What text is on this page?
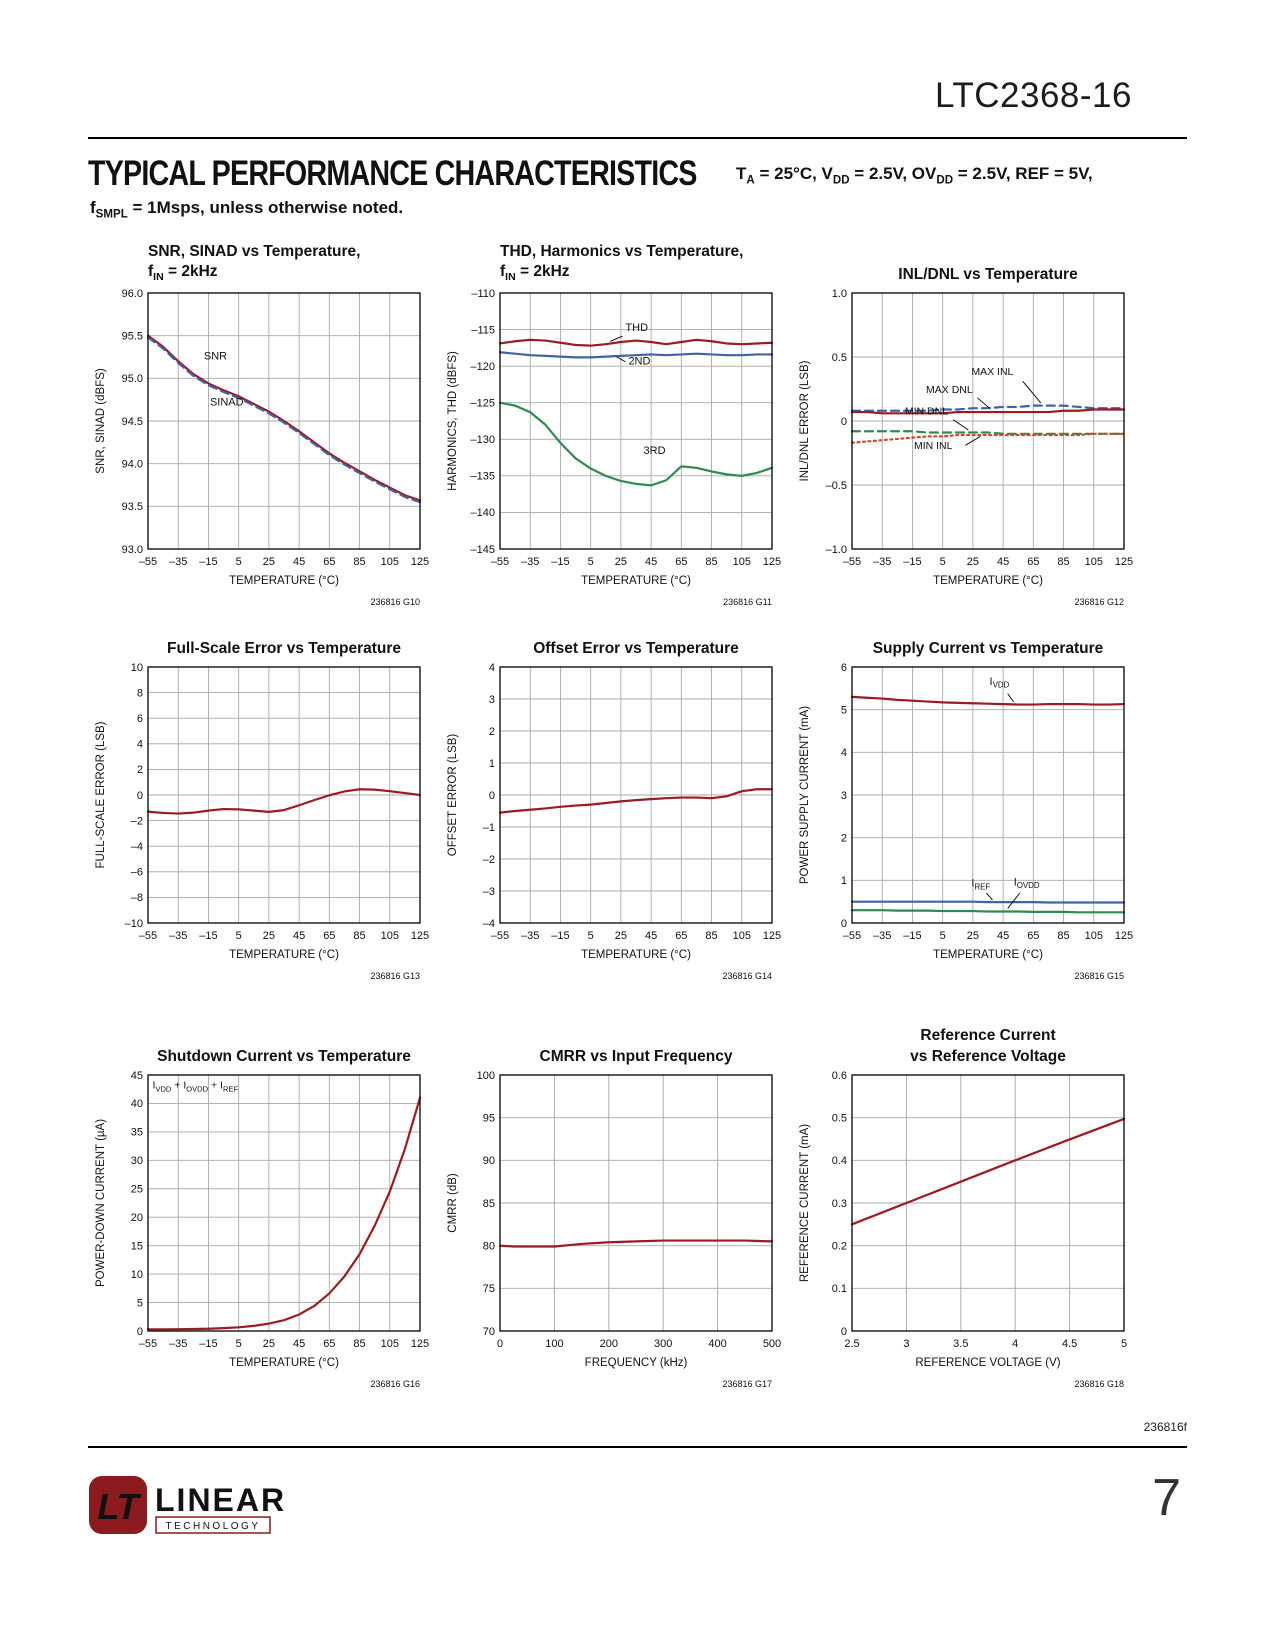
LTC2368-16
TYPICAL PERFORMANCE CHARACTERISTICS $T_A = 25^\circ C$, $V_{DD} = 2.5V$, $OV_{DD} = 2.5V$, REF = 5V,
$f_{SMPL}$ = 1Msps, unless otherwise noted.
SNR, SINAD vs Temperature,
$f_{IN} = 2kHz$
–55 –35 –15 5 25 45 65 85 105 125
96.0
95.5
95.0
94.5
94.0
93.5
93.0
TEMPERATURE (°C)
SNR, SINAD (dBFS)
SNR
SINAD
236816 G10
THD, Harmonics vs Temperature,
$f_{IN} = 2kHz$
–55 –35 –15 5 25 45 65 85 105 125
–110
–115
–120
–125
–130
–135
–140
–145
TEMPERATURE (°C)
HARMONICS, THD (dBFS)
THD
2ND
3RD
236816 G11
INL/DNL vs Temperature
–55 –35 –15 5 25 45 65 85 105 125
1.0
0.5
0
–0.5
–1.0
TEMPERATURE (°C)
INL/DNL ERROR (LSB)	MAX INL
MAX DNL
MIN DNL
MIN INL
236816 G12
Full-Scale Error vs Temperature
–55 –35 –15 5 25 45 65 85 105 125
10
8
6
4
2
0
–2
–4
–6
–8
–10
TEMPERATURE (°C)
FULL-SCALE ERROR (LSB)
236816 G13
Offset Error vs Temperature
–55 –35 –15 5 25 45 65 85 105 125
4
3
2
1
0
–1
–2
–3
–4
TEMPERATURE (°C)
OFFSET ERROR (LSB)
236816 G14
Supply Current vs Temperature
–55 –35 –15 5 25 45 65 85 105 125
6
5
4
3
2
1
0
TEMPERATURE (°C)
POWER SUPPLY CURRENT (mA)
$I_{VDD}$
$I_{REF}$ $I_{OVDD}$
236816 G15
Shutdown Current vs Temperature
–55 –35 –15 5 25 45 65 85 105 125
45
40
35
30
25
20
15
10
5
0
TEMPERATURE (°C)
POWER-DOWN CURRENT (µA)
$I_{VDD} + I_{OVDD} + I_{REF}$
236816 G16
CMRR vs Input Frequency
0	100	200	300	400	500
100
95
90
85
80
75
70
FREQUENCY (kHz)
CMRR (dB)
236816 G17
Reference Current
vs Reference Voltage
2.5	3	3.5	4	4.5	5
0.6
0.5
0.4
0.3
0.2
0.1
0
REFERENCE VOLTAGE (V)
REFERENCE CURRENT (mA)
236816 G18
236816f
LT LINEAR
TECHNOLOGY	7
